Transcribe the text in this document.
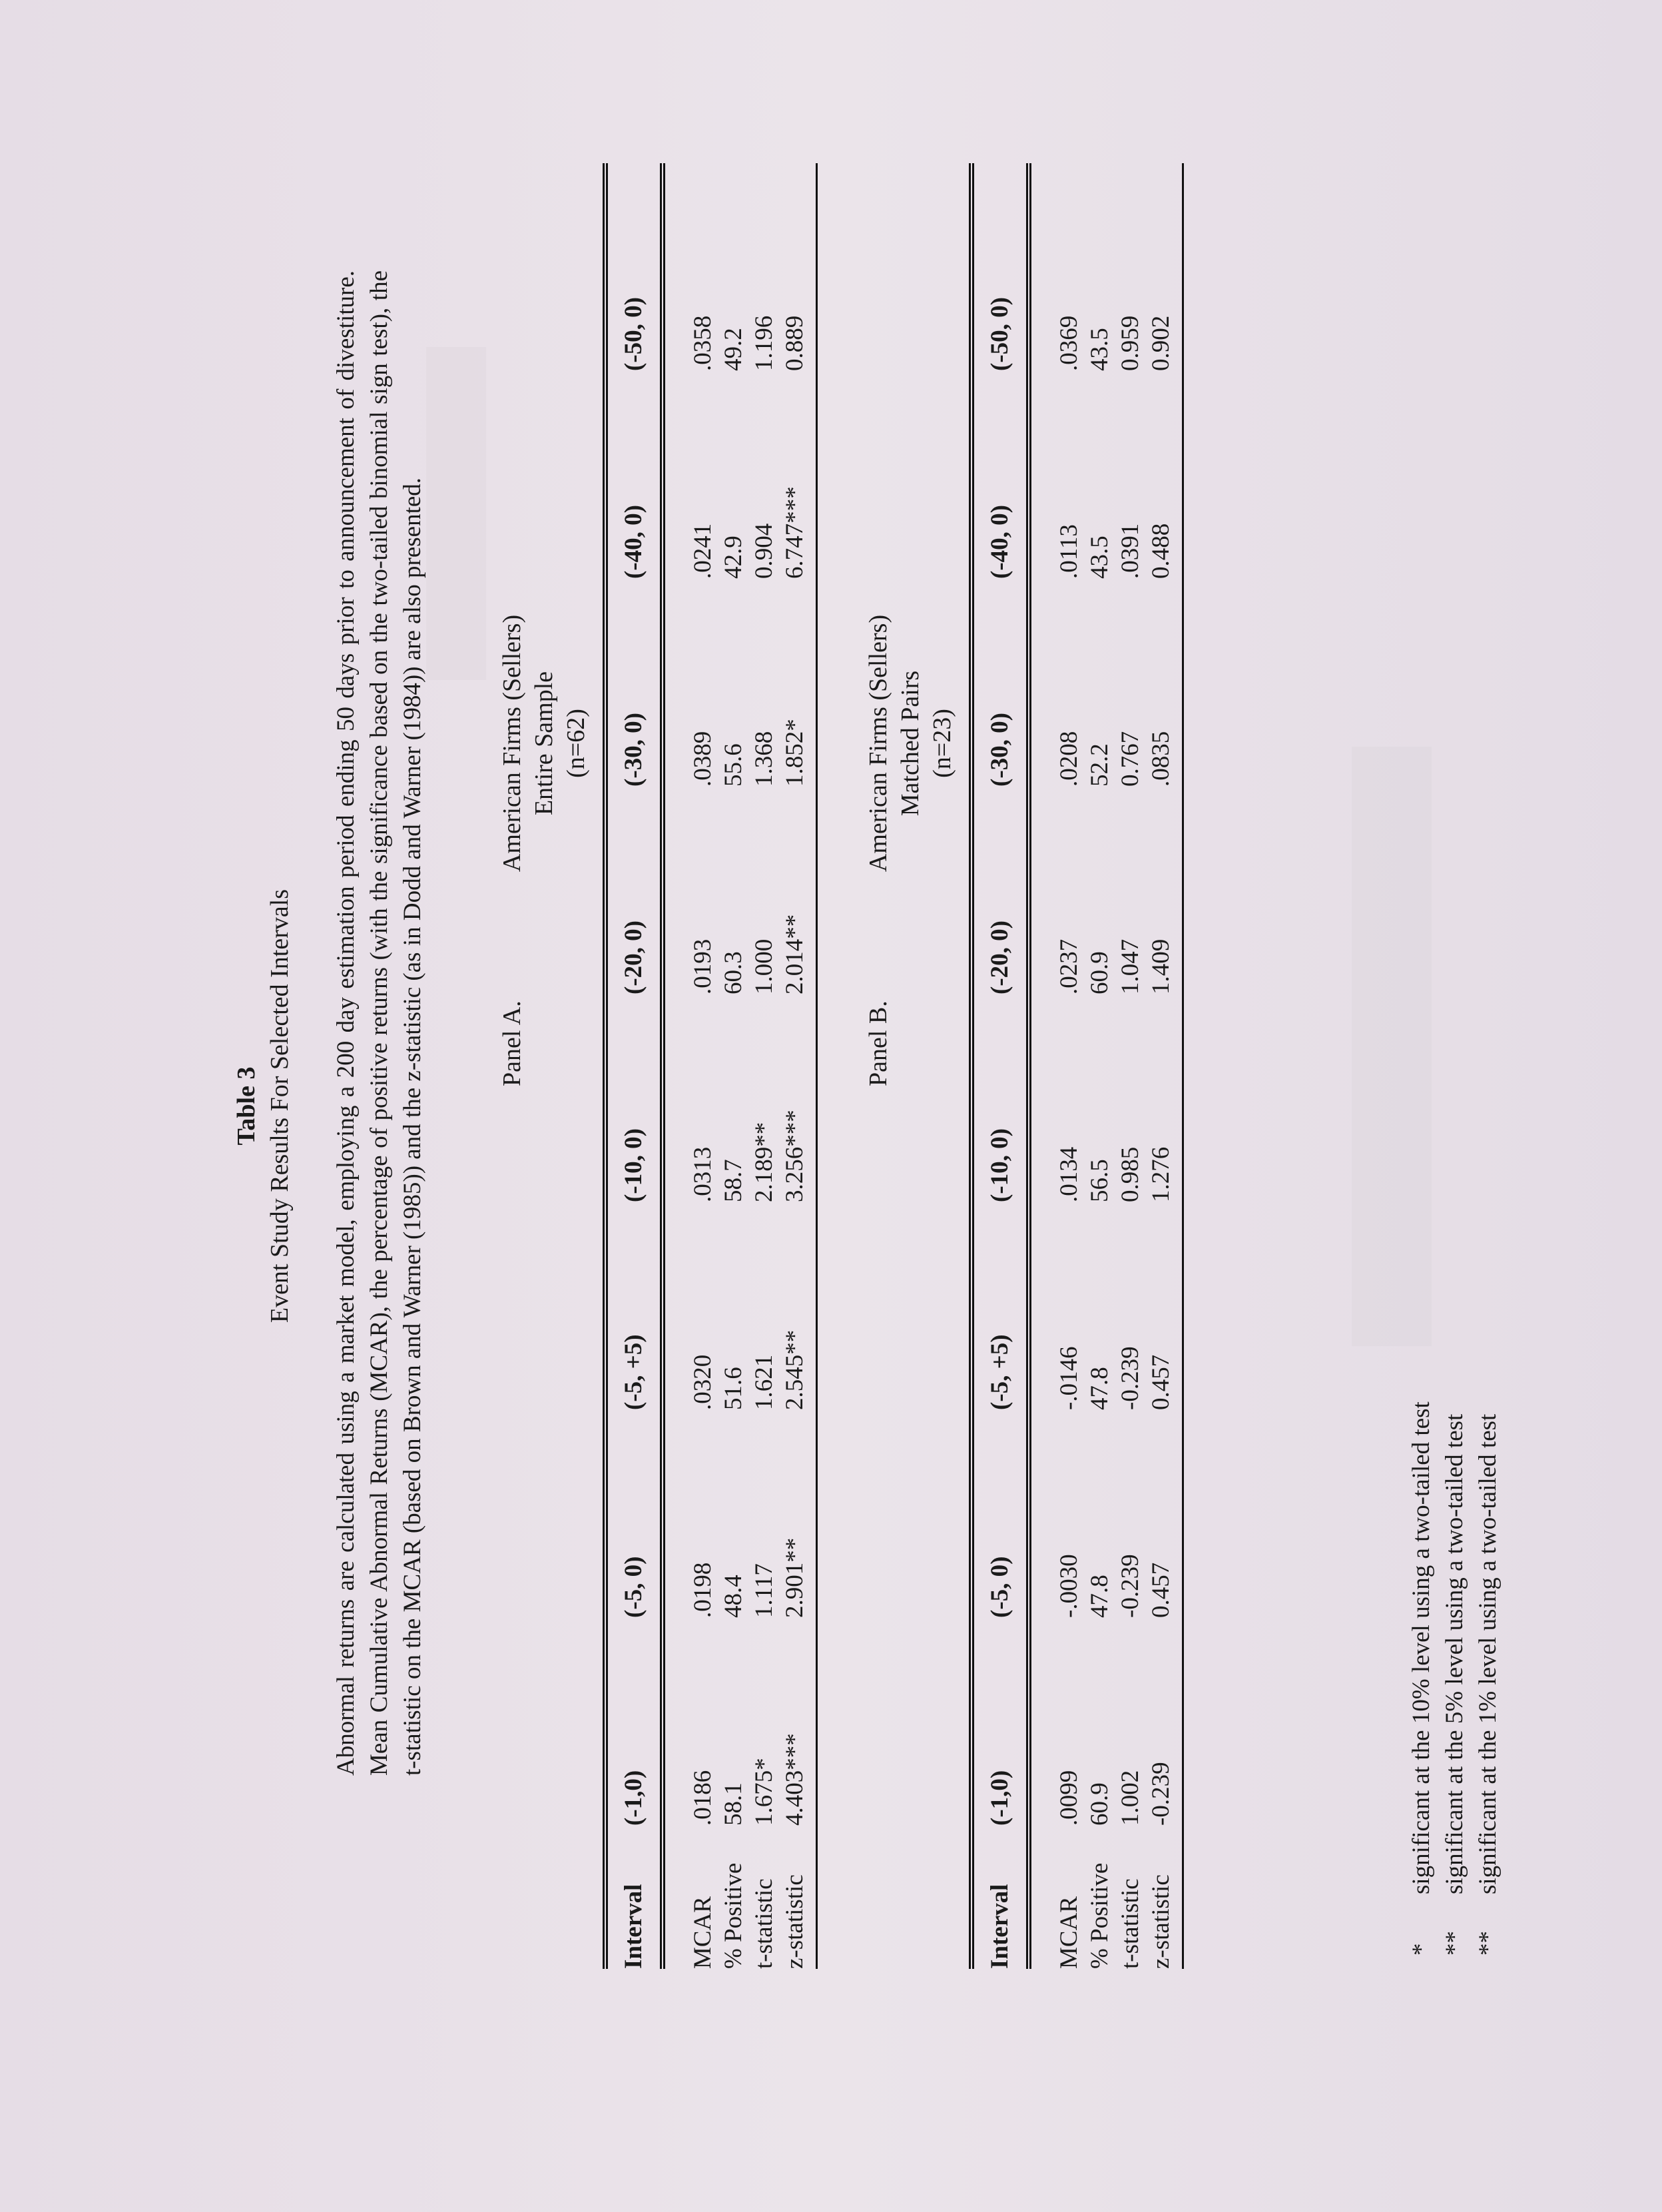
Table 3 Event Study Results For Selected Intervals Abnormal returns are calculated using a market model, employing a 200 day estimation period ending 50 days prior to announcement of divestiture. Mean Cumulative Abnormal Returns (MCAR), the percentage of positive returns (with the significance based on the two-tailed binomial sign test), the t-statistic on the MCAR (based on Brown and Warner (1985)) and the z-statistic (as in Dodd and Warner (1984)) are also presented.	Panel A.
American Firms (Sellers) Entire Sample (n=62)
Interval	(-1,0)	(-5, 0)	(-5, +5)	(-10, 0)	(-20, 0)	(-30, 0)	(-40, 0)	(-50, 0)
MCAR	.0186	.0198	.0320	.0313	.0193	.0389	.0241	.0358
% Positive	58.1	48.4	51.6	58.7	60.3	55.6	42.9	49.2
t-statistic	1.675*	1.117	1.621	2.189**	1.000	1.368	0.904	1.196
z-statistic	4.403***	2.901**	2.545**	3.256***	2.014**	1.852*	6.747***	0.889
Panel B.
American Firms (Sellers) Matched Pairs (n=23)
Interval	(-1,0)	(-5, 0)	(-5, +5)	(-10, 0)	(-20, 0)	(-30, 0)	(-40, 0)	(-50, 0)
MCAR	.0099	-.0030	-.0146	.0134	.0237	.0208	.0113	.0369
% Positive	60.9	47.8	47.8	56.5	60.9	52.2	43.5	43.5
t-statistic	1.002	-0.239	-0.239	0.985	1.047	0.767	.0391	0.959
z-statistic	-0.239	0.457	0.457	1.276	1.409	.0835	0.488	0.902
*significant at the 10% level using a two-tailed test
**significant at the 5% level using a two-tailed test
**significant at the 1% level using a two-tailed test
